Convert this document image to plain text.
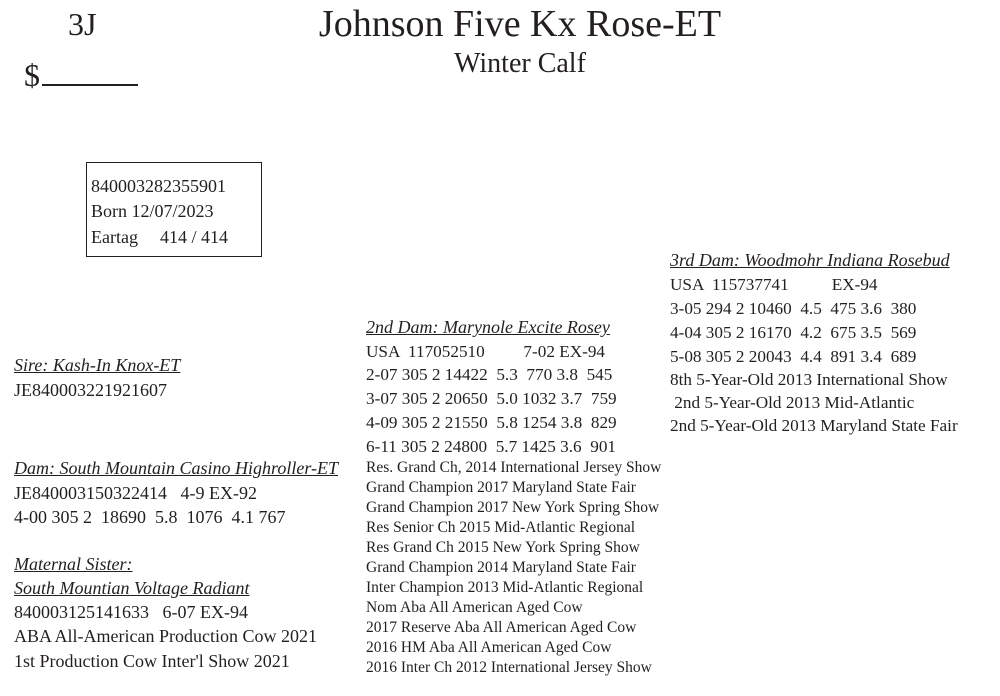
3J
$
Johnson Five Kx Rose-ET
Winter Calf
840003282355901
Born 12/07/2023
Eartag 414 / 414
Sire: Kash-In Knox-ET
JE840003221921607
Dam: South Mountain Casino Highroller-ET
JE840003150322414   4-9 EX-92
4-00 305 2  18690  5.8  1076  4.1 767
Maternal Sister:
South Mountian Voltage Radiant
840003125141633   6-07 EX-94
ABA All-American Production Cow 2021
1st Production Cow Inter'l Show 2021
2nd Dam: Marynole Excite Rosey
USA  117052510         7-02 EX-94
2-07 305 2 14422  5.3  770 3.8  545
3-07 305 2 20650  5.0 1032 3.7  759
4-09 305 2 21550  5.8 1254 3.8  829
6-11 305 2 24800  5.7 1425 3.6  901
Res. Grand Ch, 2014 International Jersey Show
Grand Champion 2017 Maryland State Fair
Grand Champion 2017 New York Spring Show
Res Senior Ch 2015 Mid-Atlantic Regional
Res Grand Ch 2015 New York Spring Show
Grand Champion 2014 Maryland State Fair
Inter Champion 2013 Mid-Atlantic Regional
Nom Aba All American Aged Cow
2017 Reserve Aba All American Aged Cow
2016 HM Aba All American Aged Cow
2016 Inter Ch 2012 International Jersey Show
3rd Dam: Woodmohr Indiana Rosebud
USA  115737741          EX-94
3-05 294 2 10460  4.5  475 3.6  380
4-04 305 2 16170  4.2  675 3.5  569
5-08 305 2 20043  4.4  891 3.4  689
8th 5-Year-Old 2013 International Show
2nd 5-Year-Old 2013 Mid-Atlantic
2nd 5-Year-Old 2013 Maryland State Fair
